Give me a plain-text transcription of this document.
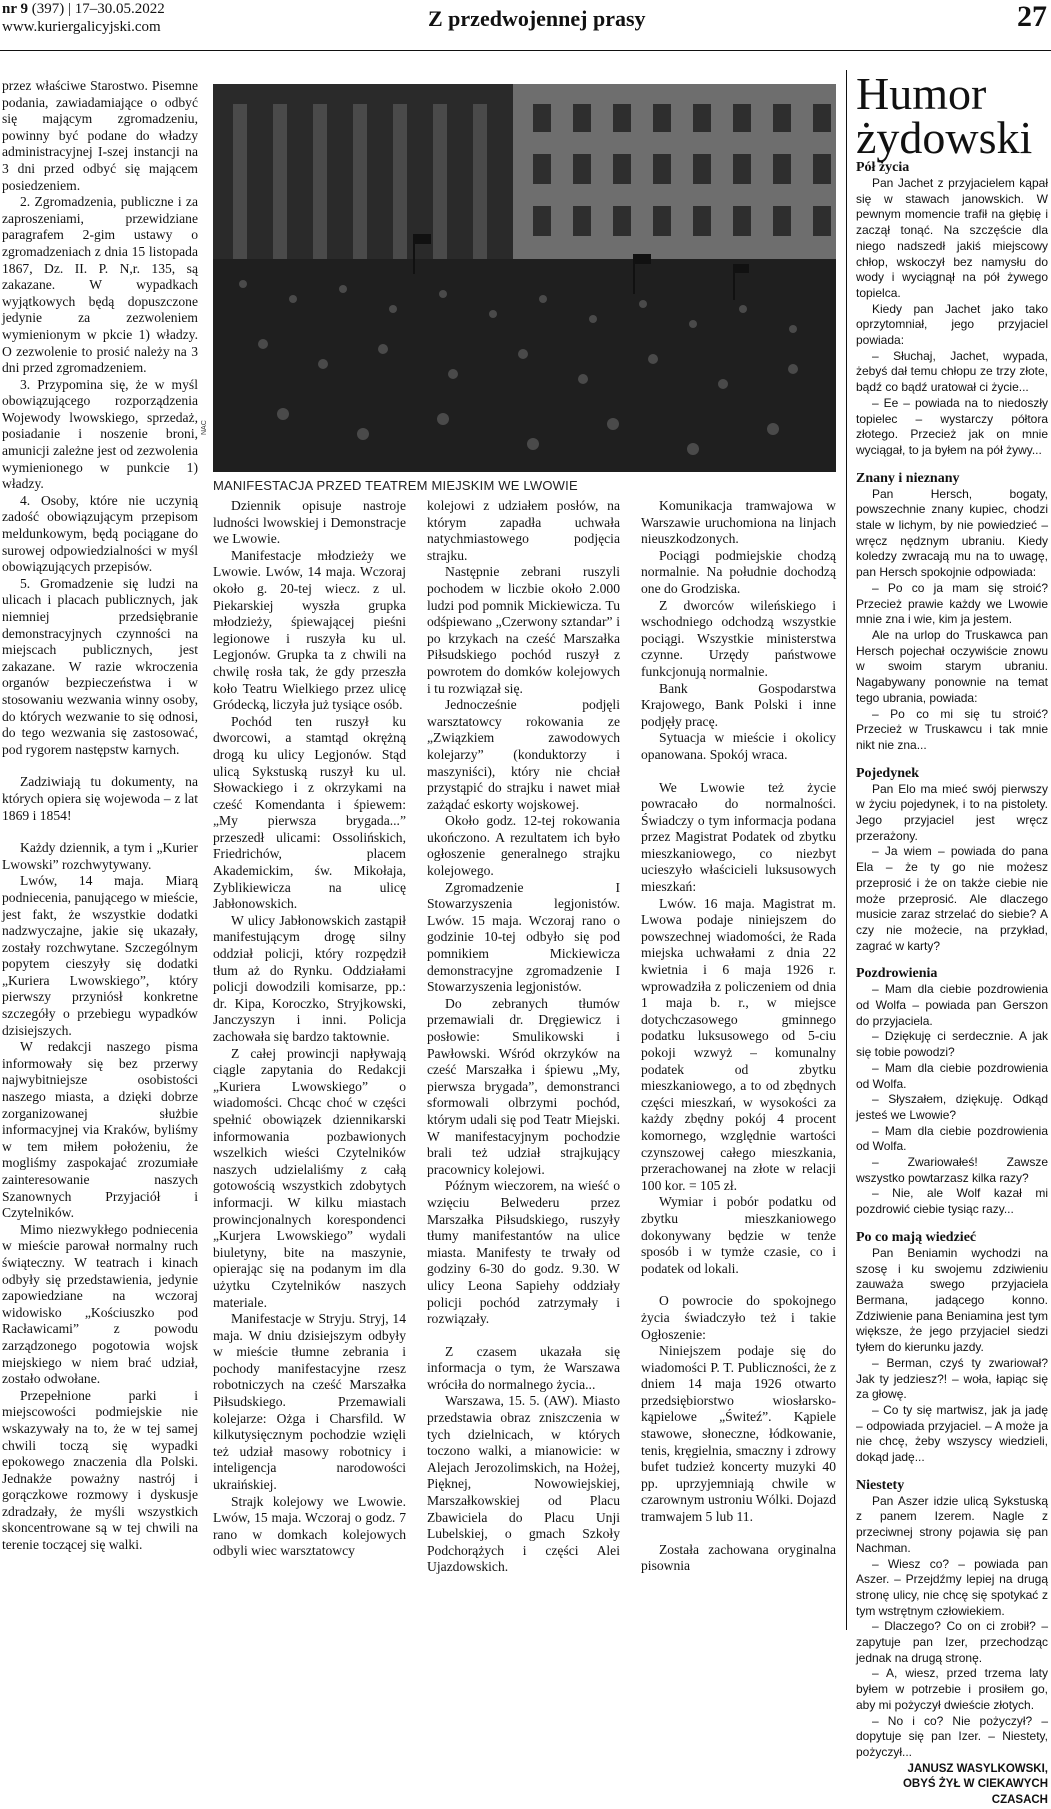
nr 9 (397) | 17–30.05.2022
www.kuriergalicyjski.com	Z przedwojennej prasy	27

przez właściwe Starostwo. Pisemne podania, zawiadamiające o odbyć się mającym zgromadzeniu, powinny być podane do władzy administracyjnej I-szej instancji na 3 dni przed odbyć się mającem posiedzeniem.

2. Zgromadzenia, publiczne i za zaproszeniami, przewidziane paragrafem 2-gim ustawy o zgromadzeniach z dnia 15 listopada 1867, Dz. II. P. N,r. 135, są zakazane. W wypadkach wyjątkowych będą dopuszczone jedynie za zezwoleniem wymienionym w pkcie 1) władzy. O zezwolenie to prosić należy na 3 dni przed zgromadzeniem.

3. Przypomina się, że w myśl obowiązującego rozporządzenia Wojewody lwowskiego, sprzedaż, posiadanie i noszenie broni, amunicji zależne jest od zezwolenia wymienionego w punkcie 1) władzy.

4. Osoby, które nie uczynią zadość obowiązującym przepisom meldunkowym, będą pociągane do surowej odpowiedzialności w myśl obowiązujących przepisów.

5. Gromadzenie się ludzi na ulicach i placach publicznych, jak niemniej przedsiębranie demonstracyjnych czynności na miejscach publicznych, jest zakazane. W razie wkroczenia organów bezpieczeństwa i w stosowaniu wezwania winny osoby, do których wezwanie to się odnosi, do tego wezwania się zastosować, pod rygorem następstw karnych.

Zadziwiają tu dokumenty, na których opiera się wojewoda – z lat 1869 i 1854!

Każdy dziennik, a tym i „Kurier Lwowski” rozchwytywany.

Lwów, 14 maja. Miarą podniecenia, panującego w mieście, jest fakt, że wszystkie dodatki nadzwyczajne, jakie się ukazały, zostały rozchwytane. Szczególnym popytem cieszyły się dodatki „Kuriera Lwowskiego”, który pierwszy przyniósł konkretne szczegóły o przebiegu wypadków dzisiejszych.

W redakcji naszego pisma informowały się bez przerwy najwybitniejsze osobistości naszego miasta, a dzięki dobrze zorganizowanej służbie informacyjnej via Kraków, byliśmy w tem miłem położeniu, że mogliśmy zaspokajać zrozumiałe zainteresowanie naszych Szanownych Przyjaciół i Czytelników.

Mimo niezwykłego podniecenia w mieście parował normalny ruch świąteczny. W teatrach i kinach odbyły się przedstawienia, jedynie zapowiedziane na wczoraj widowisko „Kościuszko pod Racławicami” z powodu zarządzonego pogotowia wojsk miejskiego w niem brać udział, zostało odwołane.

Przepełnione parki i miejscowości podmiejskie nie wskazywały na to, że w tej samej chwili toczą się wypadki epokowego znaczenia dla Polski. Jednakże poważny nastrój i gorączkowe rozmowy i dyskusje zdradzały, że myśli wszystkich skoncentrowane są w tej chwili na terenie toczącej się walki.

NAC
MANIFESTACJA PRZED TEATREM MIEJSKIM WE LWOWIE

Dziennik opisuje nastroje ludności lwowskiej i Demonstracje we Lwowie.

Manifestacje młodzieży we Lwowie. Lwów, 14 maja. Wczoraj około g. 20-tej wiecz. z ul. Piekarskiej wyszła grupka młodzieży, śpiewającej pieśni legionowe i ruszyła ku ul. Legjonów. Grupka ta z chwili na chwilę rosła tak, że gdy przeszła koło Teatru Wielkiego przez ulicę Gródecką, liczyła już tysiące osób.

Pochód ten ruszył ku dworcowi, a stamtąd okrężną drogą ku ulicy Legjonów. Stąd ulicą Sykstuską ruszył ku ul. Słowackiego i z okrzykami na cześć Komendanta i śpiewem: „My pierwsza brygada...” przeszedł ulicami: Ossolińskich, Friedrichów, placem Akademickim, św. Mikołaja, Zyblikiewicza na ulicę Jabłonowskich.

W ulicy Jabłonowskich zastąpił manifestującym drogę silny oddział policji, który rozpędził tłum aż do Rynku. Oddziałami policji dowodzili komisarze, pp.: dr. Kipa, Koroczko, Stryjkowski, Janczyszyn i inni. Policja zachowała się bardzo taktownie.

Z całej prowincji napływają ciągle zapytania do Redakcji „Kuriera Lwowskiego” o wiadomości. Chcąc choć w części spełnić obowiązek dziennikarski informowania pozbawionych wszelkich wieści Czytelników naszych udzielaliśmy z całą gotowością wszystkich zdobytych informacji. W kilku miastach prowincjonalnych korespondenci „Kurjera Lwowskiego” wydali biuletyny, bite na maszynie, opierając się na podanym im dla użytku Czytelników naszych materiale.

Manifestacje w Stryju. Stryj, 14 maja. W dniu dzisiejszym odbyły w mieście tłumne zebrania i pochody manifestacyjne rzesz robotniczych na cześć Marszałka Piłsudskiego. Przemawiali kolejarze: Ożga i Charsfild. W kilkutysięcznym pochodzie wzięli też udział masowy robotnicy i inteligencja narodowości ukraińskiej.

Strajk kolejowy we Lwowie. Lwów, 15 maja. Wczoraj o godz. 7 rano w domkach kolejowych odbyli wiec warsztatowcy

kolejowi z udziałem posłów, na którym zapadła uchwała natychmiastowego podjęcia strajku.

Następnie zebrani ruszyli pochodem w liczbie około 2.000 ludzi pod pomnik Mickiewicza. Tu odśpiewano „Czerwony sztandar” i po krzykach na cześć Marszałka Piłsudskiego pochód ruszył z powrotem do domków kolejowych i tu rozwiązał się.

Jednocześnie podjęli warsztatowcy rokowania ze „Związkiem zawodowych kolejarzy” (konduktorzy i maszyniści), który nie chciał przystąpić do strajku i nawet miał zażądać eskorty wojskowej.

Około godz. 12-tej rokowania ukończono. A rezultatem ich było ogłoszenie generalnego strajku kolejowego.

Zgromadzenie I Stowarzyszenia legjonistów. Lwów. 15 maja. Wczoraj rano o godzinie 10-tej odbyło się pod pomnikiem Mickiewicza demonstracyjne zgromadzenie I Stowarzyszenia legjonistów.

Do zebranych tłumów przemawiali dr. Dręgiewicz i posłowie: Smulikowski i Pawłowski. Wśród okrzyków na cześć Marszałka i śpiewu „My, pierwsza brygada”, demonstranci sformowali olbrzymi pochód, którym udali się pod Teatr Miejski. W manifestacyjnym pochodzie brali też udział strajkujący pracownicy kolejowi.

Późnym wieczorem, na wieść o wzięciu Belwederu przez Marszałka Piłsudskiego, ruszyły tłumy manifestantów na ulice miasta. Manifesty te trwały od godziny 6-30 do godz. 9.30. W ulicy Leona Sapiehy oddziały policji pochód zatrzymały i rozwiązały.

Z czasem ukazała się informacja o tym, że Warszawa wróciła do normalnego życia...

Warszawa, 15. 5. (AW). Miasto przedstawia obraz zniszczenia w tych dzielnicach, w których toczono walki, a mianowicie: w Alejach Jerozolimskich, na Hożej, Pięknej, Nowowiejskiej, Marszałkowskiej od Placu Zbawiciela do Placu Unji Lubelskiej, o gmach Szkoły Podchorążych i części Alei Ujazdowskich.

Komunikacja tramwajowa w Warszawie uruchomiona na linjach nieuszkodzonych.

Pociągi podmiejskie chodzą normalnie. Na południe dochodzą one do Grodziska.

Z dworców wileńskiego i wschodniego odchodzą wszystkie pociągi. Wszystkie ministerstwa czynne. Urzędy państwowe funkcjonują normalnie.

Bank Gospodarstwa Krajowego, Bank Polski i inne podjęły pracę.

Sytuacja w mieście i okolicy opanowana. Spokój wraca.

We Lwowie też życie powracało do normalności. Świadczy o tym informacja podana przez Magistrat Podatek od zbytku mieszkaniowego, co niezbyt ucieszyło właścicieli luksusowych mieszkań:

Lwów. 16 maja. Magistrat m. Lwowa podaje niniejszem do powszechnej wiadomości, że Rada miejska uchwałami z dnia 22 kwietnia i 6 maja 1926 r. wprowadziła z policzeniem od dnia 1 maja b. r., w miejsce dotychczasowego gminnego podatku luksusowego od 5-ciu pokoji wzwyż – komunalny podatek od zbytku mieszkaniowego, a to od zbędnych części mieszkań, w wysokości za każdy zbędny pokój 4 procent komornego, względnie wartości czynszowej całego mieszkania, przerachowanej na złote w relacji 100 kor. = 105 zł.

Wymiar i pobór podatku od zbytku mieszkaniowego dokonywany będzie w tenże sposób i w tymże czasie, co i podatek od lokali.

O powrocie do spokojnego życia świadczyło też i takie Ogłoszenie:

Niniejszem podaje się do wiadomości P. T. Publiczności, że z dniem 14 maja 1926 otwarto przedsiębiorstwo wiosłarsko-kąpielowe „Świteź”. Kąpiele stawowe, słoneczne, łódkowanie, tenis, kręgielnia, smaczny i zdrowy bufet tudzież koncerty muzyki 40 pp. uprzyjemniają chwile w czarownym ustroniu Wólki. Dojazd tramwajem 5 lub 11.

Została zachowana oryginalna pisownia

Humor
żydowski
Pół życia

Pan Jachet z przyjacielem kąpał się w stawach janowskich. W pewnym momencie trafił na głębię i zaczął tonąć. Na szczęście dla niego nadszedł jakiś miejscowy chłop, wskoczył bez namysłu do wody i wyciągnął na pół żywego topielca.

Kiedy pan Jachet jako tako oprzytomniał, jego przyjaciel powiada:

– Słuchaj, Jachet, wypada, żebyś dał temu chłopu ze trzy złote, bądź co bądź uratował ci życie...

– Ee – powiada na to niedoszły topielec – wystarczy półtora złotego. Przecież jak on mnie wyciągał, to ja byłem na pół żywy...

Znany i nieznany

Pan Hersch, bogaty, powszechnie znany kupiec, chodzi stale w lichym, by nie powiedzieć – wręcz nędznym ubraniu. Kiedy koledzy zwracają mu na to uwagę, pan Hersch spokojnie odpowiada:

– Po co ja mam się stroić? Przecież prawie każdy we Lwowie mnie zna i wie, kim ja jestem.

Ale na urlop do Truskawca pan Hersch pojechał oczywiście znowu w swoim starym ubraniu. Nagabywany ponownie na temat tego ubrania, powiada:

– Po co mi się tu stroić? Przecież w Truskawcu i tak mnie nikt nie zna...

Pojedynek

Pan Elo ma mieć swój pierwszy w życiu pojedynek, i to na pistolety. Jego przyjaciel jest wręcz przerażony.

– Ja wiem – powiada do pana Ela – że ty go nie możesz przeprosić i że on także ciebie nie może przeprosić. Ale dlaczego musicie zaraz strzelać do siebie? A czy nie możecie, na przykład, zagrać w karty?

Pozdrowienia

– Mam dla ciebie pozdrowienia od Wolfa – powiada pan Gerszon do przyjaciela.

– Dziękuję ci serdecznie. A jak się tobie powodzi?

– Mam dla ciebie pozdrowienia od Wolfa.

– Słyszałem, dziękuję. Odkąd jesteś we Lwowie?

– Mam dla ciebie pozdrowienia od Wolfa.

– Zwariowałeś! Zawsze wszystko powtarzasz kilka razy?

– Nie, ale Wolf kazał mi pozdrowić ciebie tysiąc razy...

Po co mają wiedzieć

Pan Beniamin wychodzi na szosę i ku swojemu zdziwieniu zauważa swego przyjaciela Bermana, jadącego konno. Zdziwienie pana Beniamina jest tym większe, że jego przyjaciel siedzi tyłem do kierunku jazdy.

– Berman, czyś ty zwariował? Jak ty jedziesz?! – woła, łapiąc się za głowę.

– Co ty się martwisz, jak ja jadę – odpowiada przyjaciel. – A może ja nie chcę, żeby wszyscy wiedzieli, dokąd jadę...

Niestety

Pan Aszer idzie ulicą Sykstuską z panem Izerem. Nagle z przeciwnej strony pojawia się pan Nachman.

– Wiesz co? – powiada pan Aszer. – Przejdźmy lepiej na drugą stronę ulicy, nie chcę się spotykać z tym wstrętnym człowiekiem.

– Dlaczego? Co on ci zrobił? – zapytuje pan Izer, przechodząc jednak na drugą stronę.

– A, wiesz, przed trzema laty byłem w potrzebie i prosiłem go, aby mi pożyczył dwieście złotych.

– No i co? Nie pożyczył? – dopytuje się pan Izer. – Niestety, pożyczył...

JANUSZ WASYLKOWSKI,

OBYŚ ŻYŁ W CIEKAWYCH CZASACH
